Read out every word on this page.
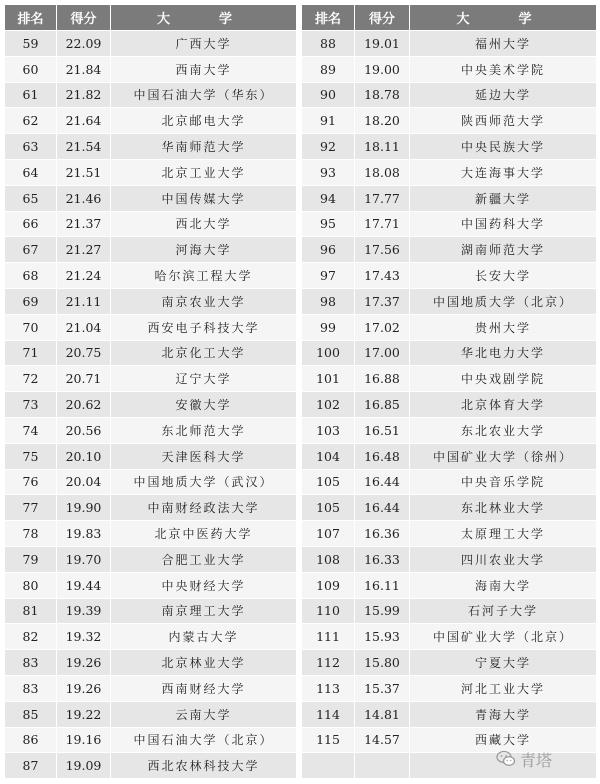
排名	得分	大　学
59	22.09	广西大学
60	21.84	西南大学
61	21.82	中国石油大学（华东）
62	21.64	北京邮电大学
63	21.54	华南师范大学
64	21.51	北京工业大学
65	21.46	中国传媒大学
66	21.37	西北大学
67	21.27	河海大学
68	21.24	哈尔滨工程大学
69	21.11	南京农业大学
70	21.04	西安电子科技大学
71	20.75	北京化工大学
72	20.71	辽宁大学
73	20.62	安徽大学
74	20.56	东北师范大学
75	20.10	天津医科大学
76	20.04	中国地质大学（武汉）
77	19.90	中南财经政法大学
78	19.83	北京中医药大学
79	19.70	合肥工业大学
80	19.44	中央财经大学
81	19.39	南京理工大学
82	19.32	内蒙古大学
83	19.26	北京林业大学
83	19.26	西南财经大学
85	19.22	云南大学
86	19.16	中国石油大学（北京）
87	19.09	西北农林科技大学
排名	得分	大　学
88	19.01	福州大学
89	19.00	中央美术学院
90	18.78	延边大学
91	18.20	陕西师范大学
92	18.11	中央民族大学
93	18.08	大连海事大学
94	17.77	新疆大学
95	17.71	中国药科大学
96	17.56	湖南师范大学
97	17.43	长安大学
98	17.37	中国地质大学（北京）
99	17.02	贵州大学
100	17.00	华北电力大学
101	16.88	中央戏剧学院
102	16.85	北京体育大学
103	16.51	东北农业大学
104	16.48	中国矿业大学（徐州）
105	16.44	中央音乐学院
105	16.44	东北林业大学
107	16.36	太原理工大学
108	16.33	四川农业大学
109	16.11	海南大学
110	15.99	石河子大学
111	15.93	中国矿业大学（北京）
112	15.80	宁夏大学
113	15.37	河北工业大学
114	14.81	青海大学
115	14.57	西藏大学

青塔
